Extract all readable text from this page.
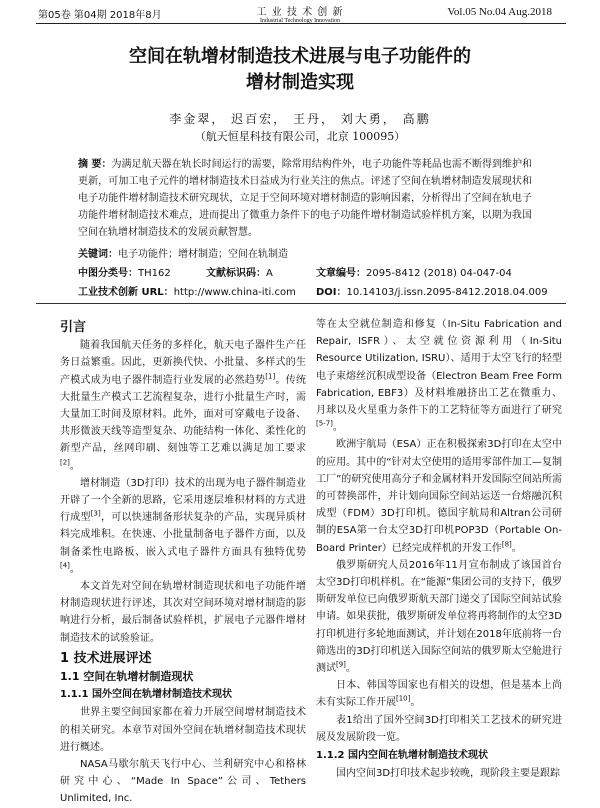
第05卷 第04期 2018年8月	工 业 技 术 创 新
Industrial Technology Innovation
Vol.05 No.04 Aug.2018
空间在轨增材制造技术进展与电子功能件的
增材制造实现
李金翠， 迟百宏， 王丹， 刘大勇， 高鹏
（航天恒星科技有限公司，北京 100095）
摘 要：为满足航天器在轨长时间运行的需要，除常用结构件外，电子功能件等耗品也需不断得到维护和更新，可加工电子元件的增材制造技术日益成为行业关注的焦点。评述了空间在轨增材制造发展现状和电子功能件增材制造技术研究现状，立足于空间环境对增材制造的影响因素，分析得出了空间在轨电子功能件增材制造技术难点，进而提出了微重力条件下的电子功能件增材制造试验样机方案，以期为我国空间在轨增材制造技术的发展贡献智慧。
关键词：电子功能件；增材制造；空间在轨制造
中图分类号：TH162	文献标识码：A	文章编号：2095-8412 (2018) 04-047-04
工业技术创新 URL：http://www.china-iti.com DOI：10.14103/j.issn.2095-8412.2018.04.009
引言

随着我国航天任务的多样化，航天电子器件生产任务日益繁重。因此，更新换代快、小批量、多样式的生产模式成为电子器件制造行业发展的必然趋势[1]。传统大批量生产模式工艺流程复杂，进行小批量生产时，需大量加工时间及原材料。此外，面对可穿戴电子设备、共形微波天线等造型复杂、功能结构一体化、柔性化的新型产品，丝网印刷、刻蚀等工艺难以满足加工要求[2]。

增材制造（3D打印）技术的出现为电子器件制造业开辟了一个全新的思路，它采用逐层堆积材料的方式进行成型[3]，可以快速制备形状复杂的产品，实现异质材料完成堆积。在快速、小批量制备电子器件方面，以及制备柔性电路板、嵌入式电子器件方面具有独特优势[4]。

本文首先对空间在轨增材制造现状和电子功能件增材制造现状进行评述，其次对空间环境对增材制造的影响进行分析，最后制备试验样机，扩展电子元器件增材制造技术的试验验证。

1 技术进展评述
1.1 空间在轨增材制造现状
1.1.1 国外空间在轨增材制造技术现状

世界主要空间国家都在着力开展空间增材制造技术的相关研究。本章节对国外空间在轨增材制造技术现状进行概述。

NASA马歇尔航天飞行中心、兰利研究中心和格林研究中心、“Made In Space”公司、Tethers Unlimited, Inc.

等在太空就位制造和修复（In-Situ Fabrication and Repair, ISFR）、太空就位资源利用（In-Situ Resource Utilization, ISRU）、适用于太空飞行的轻型电子束熔丝沉积成型设备（Electron Beam Free Form Fabrication, EBF3）及材料堆融挤出工艺在微重力、月球以及火星重力条件下的工艺特征等方面进行了研究[5-7]。

欧洲宇航局（ESA）正在积极探索3D打印在太空中的应用。其中的“针对太空使用的适用零部件加工—复制工厂”的研究使用高分子和金属材料开发国际空间站所需的可替换部件，并计划向国际空间站运送一台熔融沉积成型（FDM）3D打印机。德国宇航局和Altran公司研制的ESA第一台太空3D打印机POP3D（Portable On-Board Printer）已经完成样机的开发工作[8]。

俄罗斯研究人员2016年11月宣布制成了该国首台太空3D打印机样机。在“能源”集团公司的支持下，俄罗斯研发单位已向俄罗斯航天部门递交了国际空间站试验申请。如果获批，俄罗斯研发单位将再将制作的太空3D打印机进行多轮地面测试，并计划在2018年底前将一台筛选出的3D打印机送入国际空间站的俄罗斯太空舱进行测试[9]。

日本、韩国等国家也有相关的设想，但是基本上尚未有实际工作开展[10]。

表1给出了国外空间3D打印相关工艺技术的研究进展及发展阶段一览。

1.1.2 国内空间在轨增材制造技术现状

国内空间3D打印技术起步较晚，现阶段主要是跟踪
